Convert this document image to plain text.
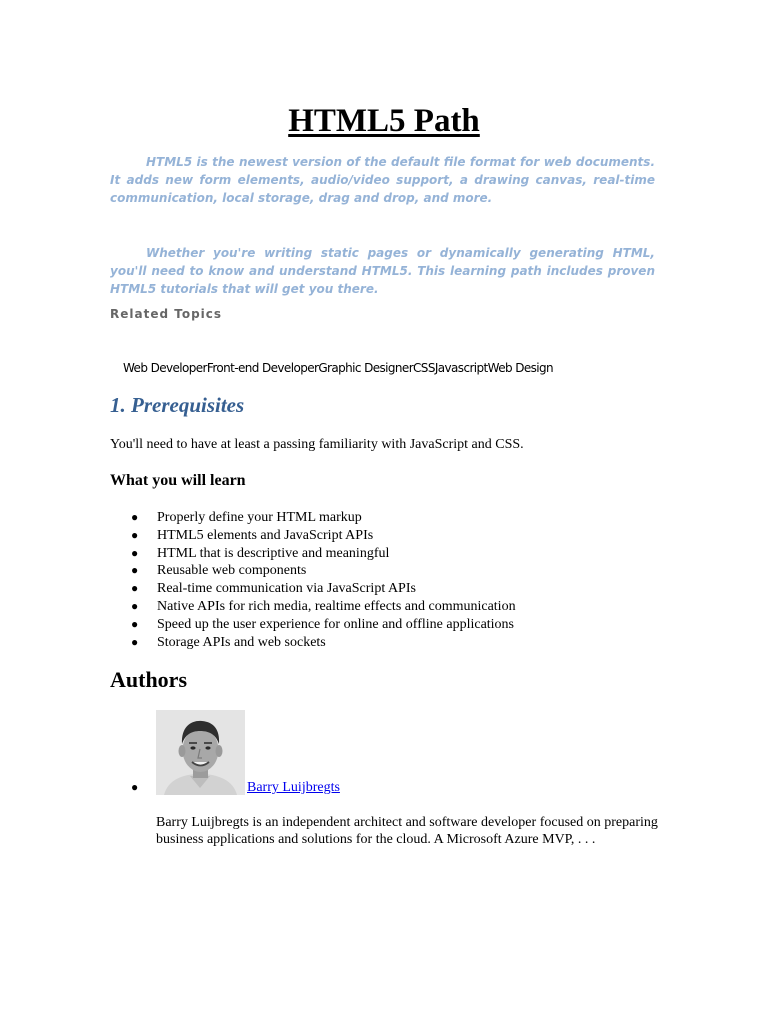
HTML5 Path

HTML5 is the newest version of the default file format for web documents. It adds new form elements, audio/video support, a drawing canvas, real-time communication, local storage, drag and drop, and more.

Whether you're writing static pages or dynamically generating HTML, you'll need to know and understand HTML5. This learning path includes proven HTML5 tutorials that will get you there.

Related Topics

Web DeveloperFront-end DeveloperGraphic DesignerCSSJavascriptWeb Design
1. Prerequisites

You'll need to have at least a passing familiarity with JavaScript and CSS.

What you will learn
● Properly define your HTML markup
● HTML5 elements and JavaScript APIs
● HTML that is descriptive and meaningful
● Reusable web components
● Real-time communication via JavaScript APIs
● Native APIs for rich media, realtime effects and communication
● Speed up the user experience for online and offline applications
● Storage APIs and web sockets
Authors
●	Barry Luijbregts

Barry Luijbregts is an independent architect and software developer focused on preparing business applications and solutions for the cloud. A Microsoft Azure MVP, . . .
